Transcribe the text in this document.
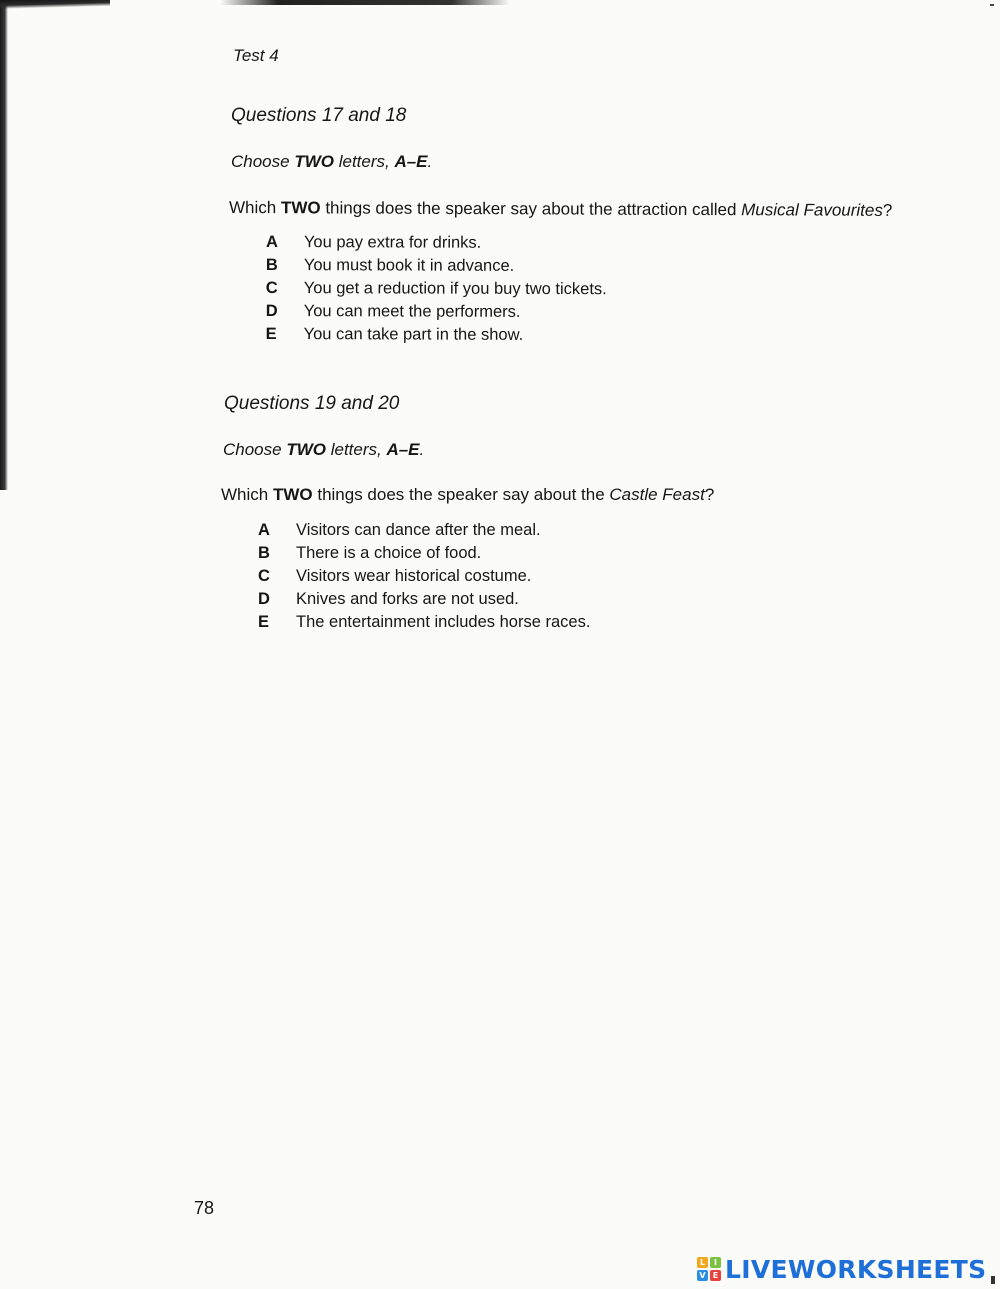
Test 4
Questions 17 and 18
Choose TWO letters, A–E.
Which TWO things does the speaker say about the attraction called Musical Favourites?
A	You pay extra for drinks.
B	You must book it in advance.
C	You get a reduction if you buy two tickets.
D	You can meet the performers.
E	You can take part in the show.
Questions 19 and 20
Choose TWO letters, A–E.
Which TWO things does the speaker say about the Castle Feast?
A	Visitors can dance after the meal.
B	There is a choice of food.
C	Visitors wear historical costume.
D	Knives and forks are not used.
E	The entertainment includes horse races.
78
L	I
V E LIVEWORKSHEETS
